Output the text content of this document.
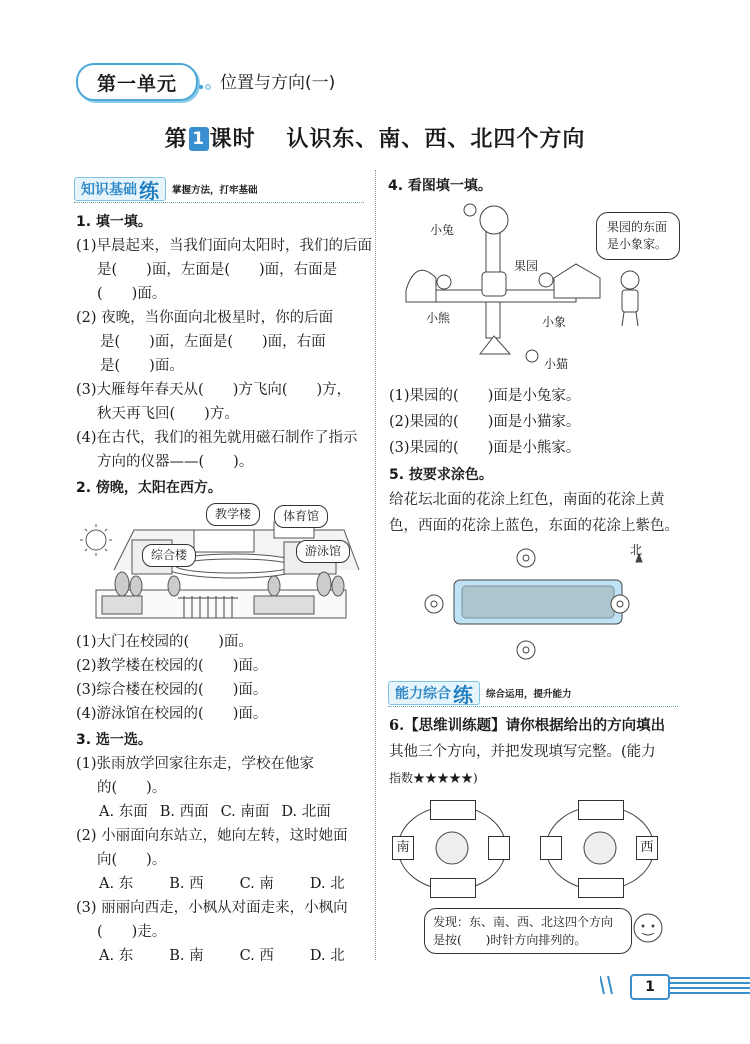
第一单元	位置与方向(一)
第 1 课时 认识东、南、西、北四个方向
知识基础 练 掌握方法，打牢基础
1. 填一填。
(1)早晨起来，当我们面向太阳时，我们的后面
是(　　)面，左面是(　　)面，右面是
(　　)面。
(2) 夜晚，当你面向北极星时，你的后面
是(　　)面，左面是(　　)面，右面
是(　　)面。
(3)大雁每年春天从(　　)方飞向(　　)方，
秋天再飞回(　　)方。
(4)在古代，我们的祖先就用磁石制作了指示
方向的仪器——(　　)。
2. 傍晚，太阳在西方。
教学楼	体育馆
综合楼	游泳馆
(1)大门在校园的(　　)面。
(2)教学楼在校园的(　　)面。
(3)综合楼在校园的(　　)面。
(4)游泳馆在校园的(　　)面。
3. 选一选。
(1)张雨放学回家往东走，学校在他家
的(　　)。
A. 东面 B. 西面 C. 南面 D. 北面
(2) 小丽面向东站立，她向左转，这时她面
向(　　)。
A. 东 B. 西 C. 南 D. 北
(3) 丽丽向西走，小枫从对面走来，小枫向
(　　)走。
A. 东 B. 南 C. 西 D. 北
4. 看图填一填。
小兔
果园
小熊	小象
小猫
果园的东面是小象家。
(1)果园的(　　)面是小兔家。
(2)果园的(　　)面是小猫家。
(3)果园的(　　)面是小熊家。
5. 按要求涂色。
给花坛北面的花涂上红色，南面的花涂上黄
色，西面的花涂上蓝色，东面的花涂上紫色。
北
能力综合 练 综合运用，提升能力
6.【思维训练题】请你根据给出的方向填出
其他三个方向，并把发现填写完整。(能力
指数★★★★★)
南	西
发现：东、南、西、北这四个方向是按(　　)时针方向排列的。
1
